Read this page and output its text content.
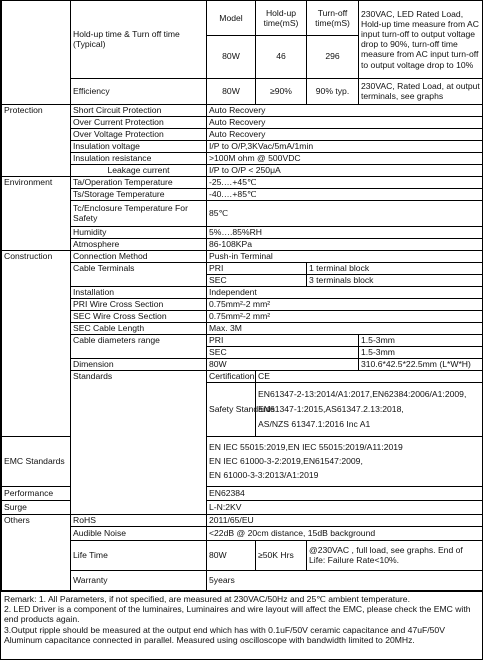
	Hold-up time & Turn off time (Typical)	Model	Hold-up time(mS)	Turn-off time(mS)	230VAC, LED Rated Load, Hold-up time measure from AC input turn-off to output voltage drop to 90%, turn-off time measure from AC input turn-off to output voltage drop to 10%
		80W	46	296	
	Efficiency	80W	≥90%	90% typ.	230VAC, Rated Load, at output terminals, see graphs
Protection	Short Circuit Protection	Auto Recovery			
	Over Current Protection	Auto Recovery			
	Over Voltage Protection	Auto Recovery			
	Insulation voltage	I/P to O/P,3KVac/5mA/1min			
	Insulation resistance	>100M ohm @ 500VDC			
	Leakage current	I/P to O/P < 250μA			
Environment	Ta/Operation Temperature	-25.…+45℃			
	Ts/Storage Temperature	-40.…+85℃			
	Tc/Enclosure Temperature For Safety	85℃			
	Humidity	5%….85%RH			
	Atmosphere	86-108KPa			
Construction	Connection Method	Push-in Terminal			
	Cable Terminals	PRI		1 terminal block	
		SEC		3 terminals block	
	Installation	Independent			
	PRI Wire Cross Section	0.75mm²-2 mm²			
	SEC Wire Cross Section	0.75mm²-2 mm²			
	SEC Cable Length	Max. 3M			
	Cable diameters range	PRI			1.5-3mm
		SEC			1.5-3mm
	Dimension	80W			310.6*42.5*22.5mm (L*W*H)
	Standards	Certification	CE		
		Safety Standards	EN61347-2-13:2014/A1:2017,EN62384:2006/A1:2009,
EN61347-1:2015,AS61347.2.13:2018,
AS/NZS 61347.1:2016 Inc A1		

EMC Standards		EN IEC 55015:2019,EN IEC 55015:2019/A11:2019
EN IEC 61000-3-2:2019,EN61547:2009,
EN 61000-3-3:2013/A1:2019			

Performance		EN62384			
Surge		L-N:2KV			
Others	RoHS	2011/65/EU			
	Audible Noise	<22dB @ 20cm distance, 15dB background			
	Life Time	80W	≥50K Hrs	@230VAC , full load, see graphs. End of Life: Failure Rate<10%.	
	Warranty	5years			
Remark: 1. All Parameters, if not specified, are measured at 230VAC/50Hz and 25℃ ambient temperature.
2. LED Driver is a component of the luminaires, Luminaires and wire layout will affect the EMC, please check the EMC with end products again.
3.Output ripple should be measured at the output end which has with 0.1uF/50V ceramic capacitance and 47uF/50V Aluminum capacitance connected in parallel. Measured using oscilloscope with bandwidth limited to 20MHz.
